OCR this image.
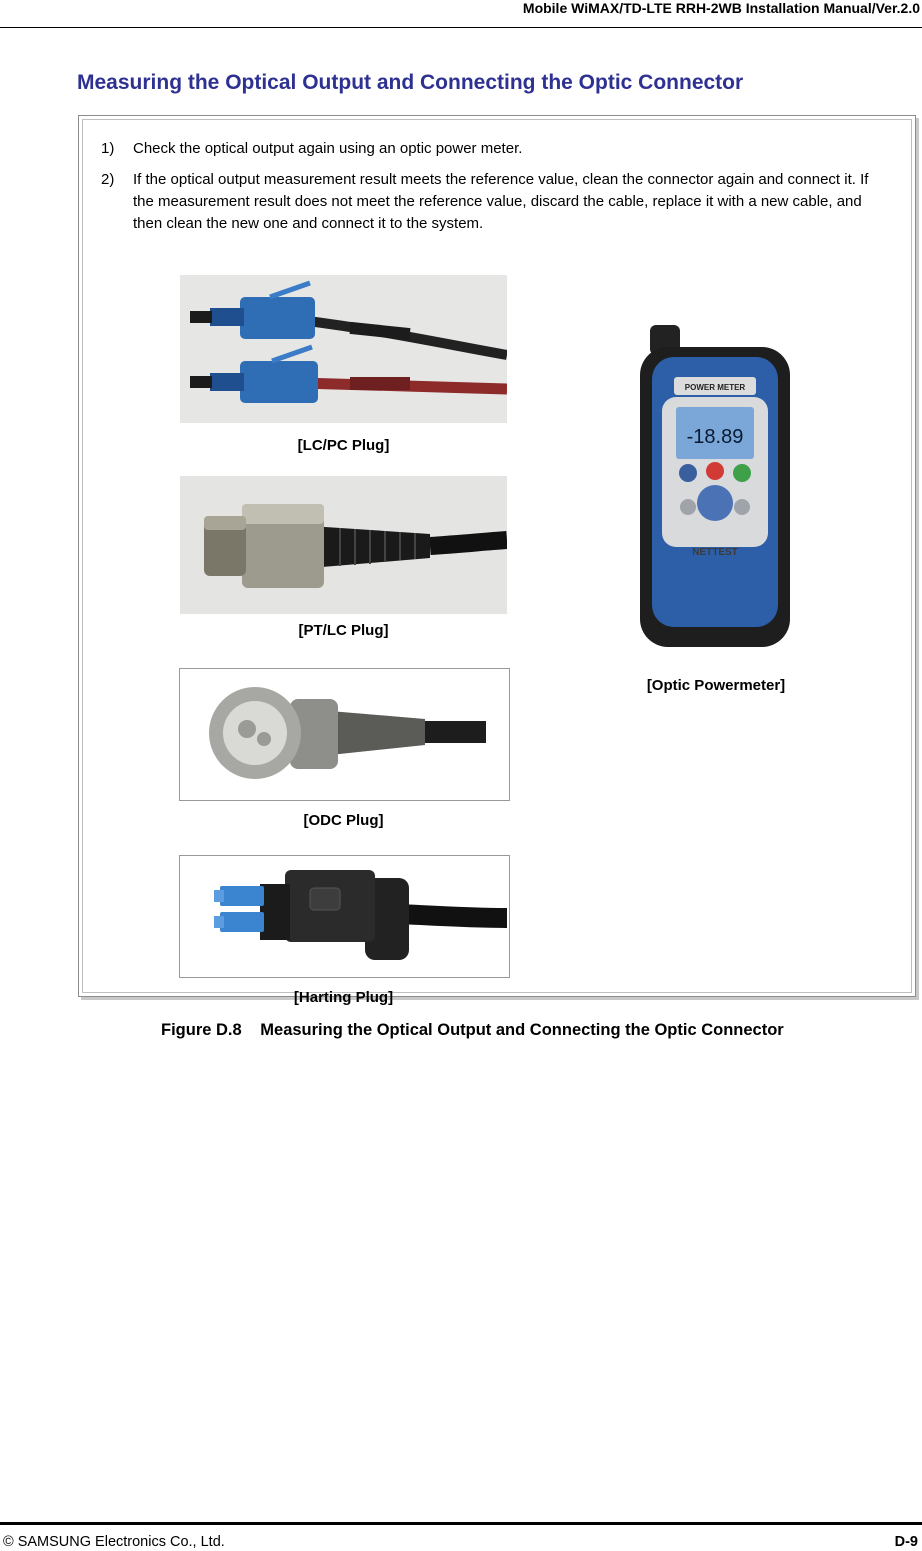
Mobile WiMAX/TD-LTE RRH-2WB Installation Manual/Ver.2.0
Measuring the Optical Output and Connecting the Optic Connector
1) Check the optical output again using an optic power meter.
2) If the optical output measurement result meets the reference value, clean the connector again and connect it. If the measurement result does not meet the reference value, discard the cable, replace it with a new cable, and then clean the new one and connect it to the system.
[LC/PC Plug]
[PT/LC Plug]
[ODC Plug]
[Harting Plug]
POWER METER
-18.89
NETTEST
[Optic Powermeter]
Figure D.8 Measuring the Optical Output and Connecting the Optic Connector
© SAMSUNG Electronics Co., Ltd.	D-9
